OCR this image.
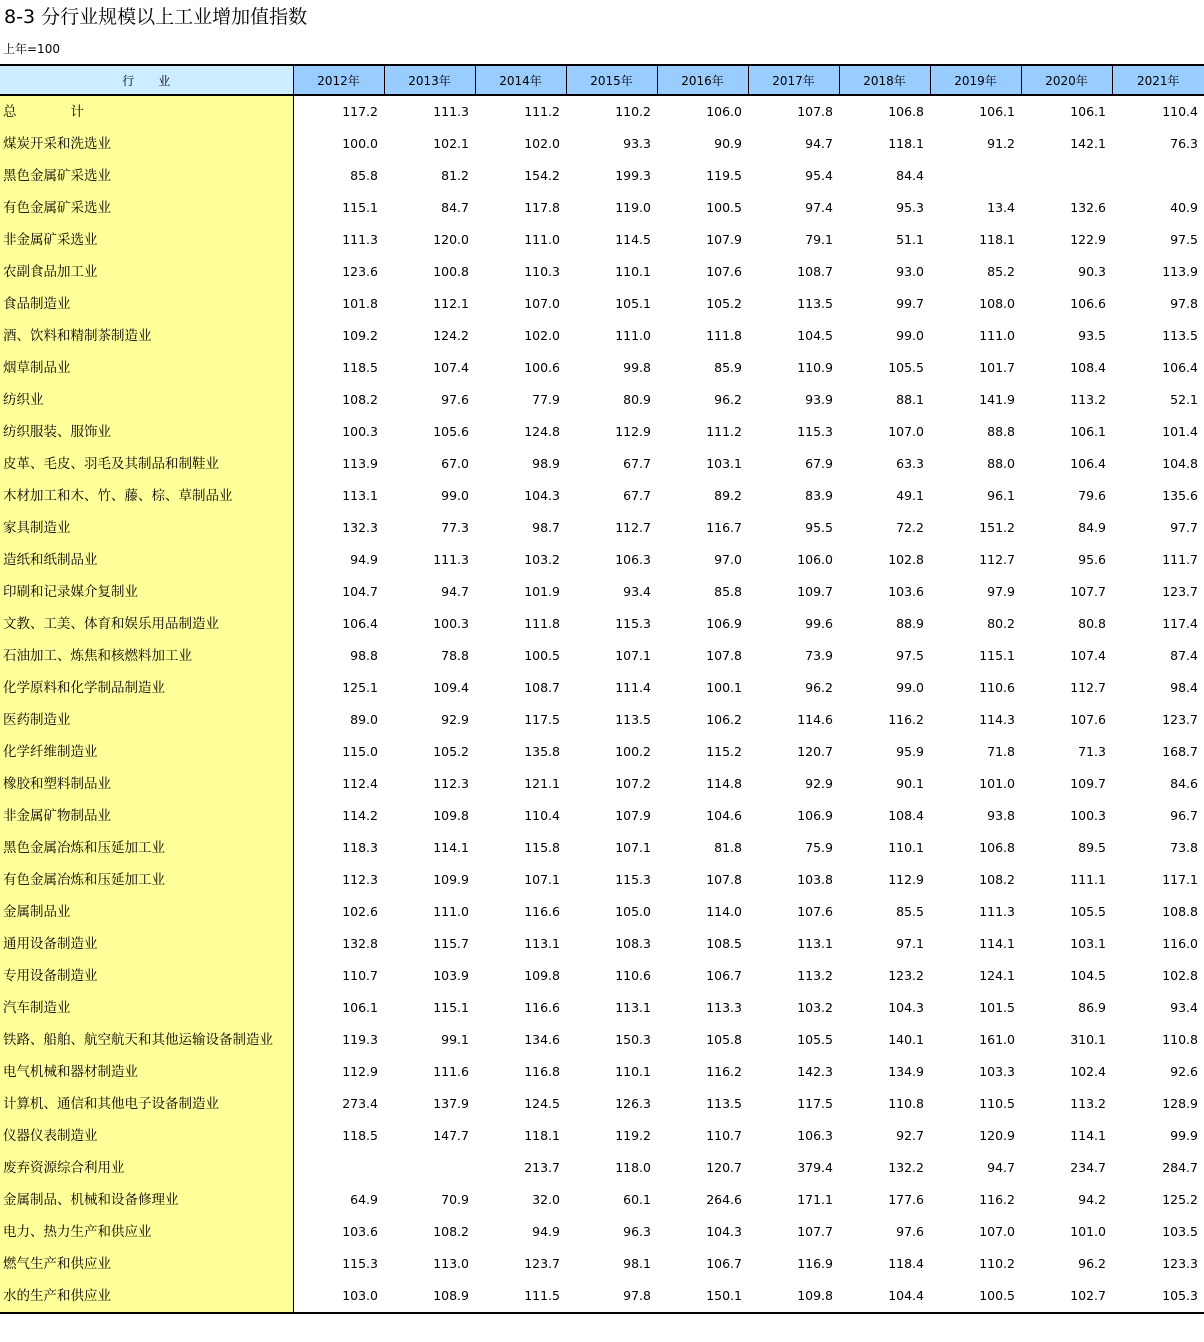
8-3 分行业规模以上工业增加值指数
上年=100
行　　业	2012年	2013年	2014年	2015年	2016年	2017年	2018年	2019年	2020年	2021年
总　　　　计	117.2	111.3	111.2	110.2	106.0	107.8	106.8	106.1	106.1	110.4
煤炭开采和洗选业	100.0	102.1	102.0	93.3	90.9	94.7	118.1	91.2	142.1	76.3
黑色金属矿采选业	85.8	81.2	154.2	199.3	119.5	95.4	84.4			
有色金属矿采选业	115.1	84.7	117.8	119.0	100.5	97.4	95.3	13.4	132.6	40.9
非金属矿采选业	111.3	120.0	111.0	114.5	107.9	79.1	51.1	118.1	122.9	97.5
农副食品加工业	123.6	100.8	110.3	110.1	107.6	108.7	93.0	85.2	90.3	113.9
食品制造业	101.8	112.1	107.0	105.1	105.2	113.5	99.7	108.0	106.6	97.8
酒、饮料和精制茶制造业	109.2	124.2	102.0	111.0	111.8	104.5	99.0	111.0	93.5	113.5
烟草制品业	118.5	107.4	100.6	99.8	85.9	110.9	105.5	101.7	108.4	106.4
纺织业	108.2	97.6	77.9	80.9	96.2	93.9	88.1	141.9	113.2	52.1
纺织服装、服饰业	100.3	105.6	124.8	112.9	111.2	115.3	107.0	88.8	106.1	101.4
皮革、毛皮、羽毛及其制品和制鞋业	113.9	67.0	98.9	67.7	103.1	67.9	63.3	88.0	106.4	104.8
木材加工和木、竹、藤、棕、草制品业	113.1	99.0	104.3	67.7	89.2	83.9	49.1	96.1	79.6	135.6
家具制造业	132.3	77.3	98.7	112.7	116.7	95.5	72.2	151.2	84.9	97.7
造纸和纸制品业	94.9	111.3	103.2	106.3	97.0	106.0	102.8	112.7	95.6	111.7
印刷和记录媒介复制业	104.7	94.7	101.9	93.4	85.8	109.7	103.6	97.9	107.7	123.7
文教、工美、体育和娱乐用品制造业	106.4	100.3	111.8	115.3	106.9	99.6	88.9	80.2	80.8	117.4
石油加工、炼焦和核燃料加工业	98.8	78.8	100.5	107.1	107.8	73.9	97.5	115.1	107.4	87.4
化学原料和化学制品制造业	125.1	109.4	108.7	111.4	100.1	96.2	99.0	110.6	112.7	98.4
医药制造业	89.0	92.9	117.5	113.5	106.2	114.6	116.2	114.3	107.6	123.7
化学纤维制造业	115.0	105.2	135.8	100.2	115.2	120.7	95.9	71.8	71.3	168.7
橡胶和塑料制品业	112.4	112.3	121.1	107.2	114.8	92.9	90.1	101.0	109.7	84.6
非金属矿物制品业	114.2	109.8	110.4	107.9	104.6	106.9	108.4	93.8	100.3	96.7
黑色金属冶炼和压延加工业	118.3	114.1	115.8	107.1	81.8	75.9	110.1	106.8	89.5	73.8
有色金属冶炼和压延加工业	112.3	109.9	107.1	115.3	107.8	103.8	112.9	108.2	111.1	117.1
金属制品业	102.6	111.0	116.6	105.0	114.0	107.6	85.5	111.3	105.5	108.8
通用设备制造业	132.8	115.7	113.1	108.3	108.5	113.1	97.1	114.1	103.1	116.0
专用设备制造业	110.7	103.9	109.8	110.6	106.7	113.2	123.2	124.1	104.5	102.8
汽车制造业	106.1	115.1	116.6	113.1	113.3	103.2	104.3	101.5	86.9	93.4
铁路、船舶、航空航天和其他运输设备制造业	119.3	99.1	134.6	150.3	105.8	105.5	140.1	161.0	310.1	110.8
电气机械和器材制造业	112.9	111.6	116.8	110.1	116.2	142.3	134.9	103.3	102.4	92.6
计算机、通信和其他电子设备制造业	273.4	137.9	124.5	126.3	113.5	117.5	110.8	110.5	113.2	128.9
仪器仪表制造业	118.5	147.7	118.1	119.2	110.7	106.3	92.7	120.9	114.1	99.9
废弃资源综合利用业			213.7	118.0	120.7	379.4	132.2	94.7	234.7	284.7
金属制品、机械和设备修理业	64.9	70.9	32.0	60.1	264.6	171.1	177.6	116.2	94.2	125.2
电力、热力生产和供应业	103.6	108.2	94.9	96.3	104.3	107.7	97.6	107.0	101.0	103.5
燃气生产和供应业	115.3	113.0	123.7	98.1	106.7	116.9	118.4	110.2	96.2	123.3
水的生产和供应业	103.0	108.9	111.5	97.8	150.1	109.8	104.4	100.5	102.7	105.3
